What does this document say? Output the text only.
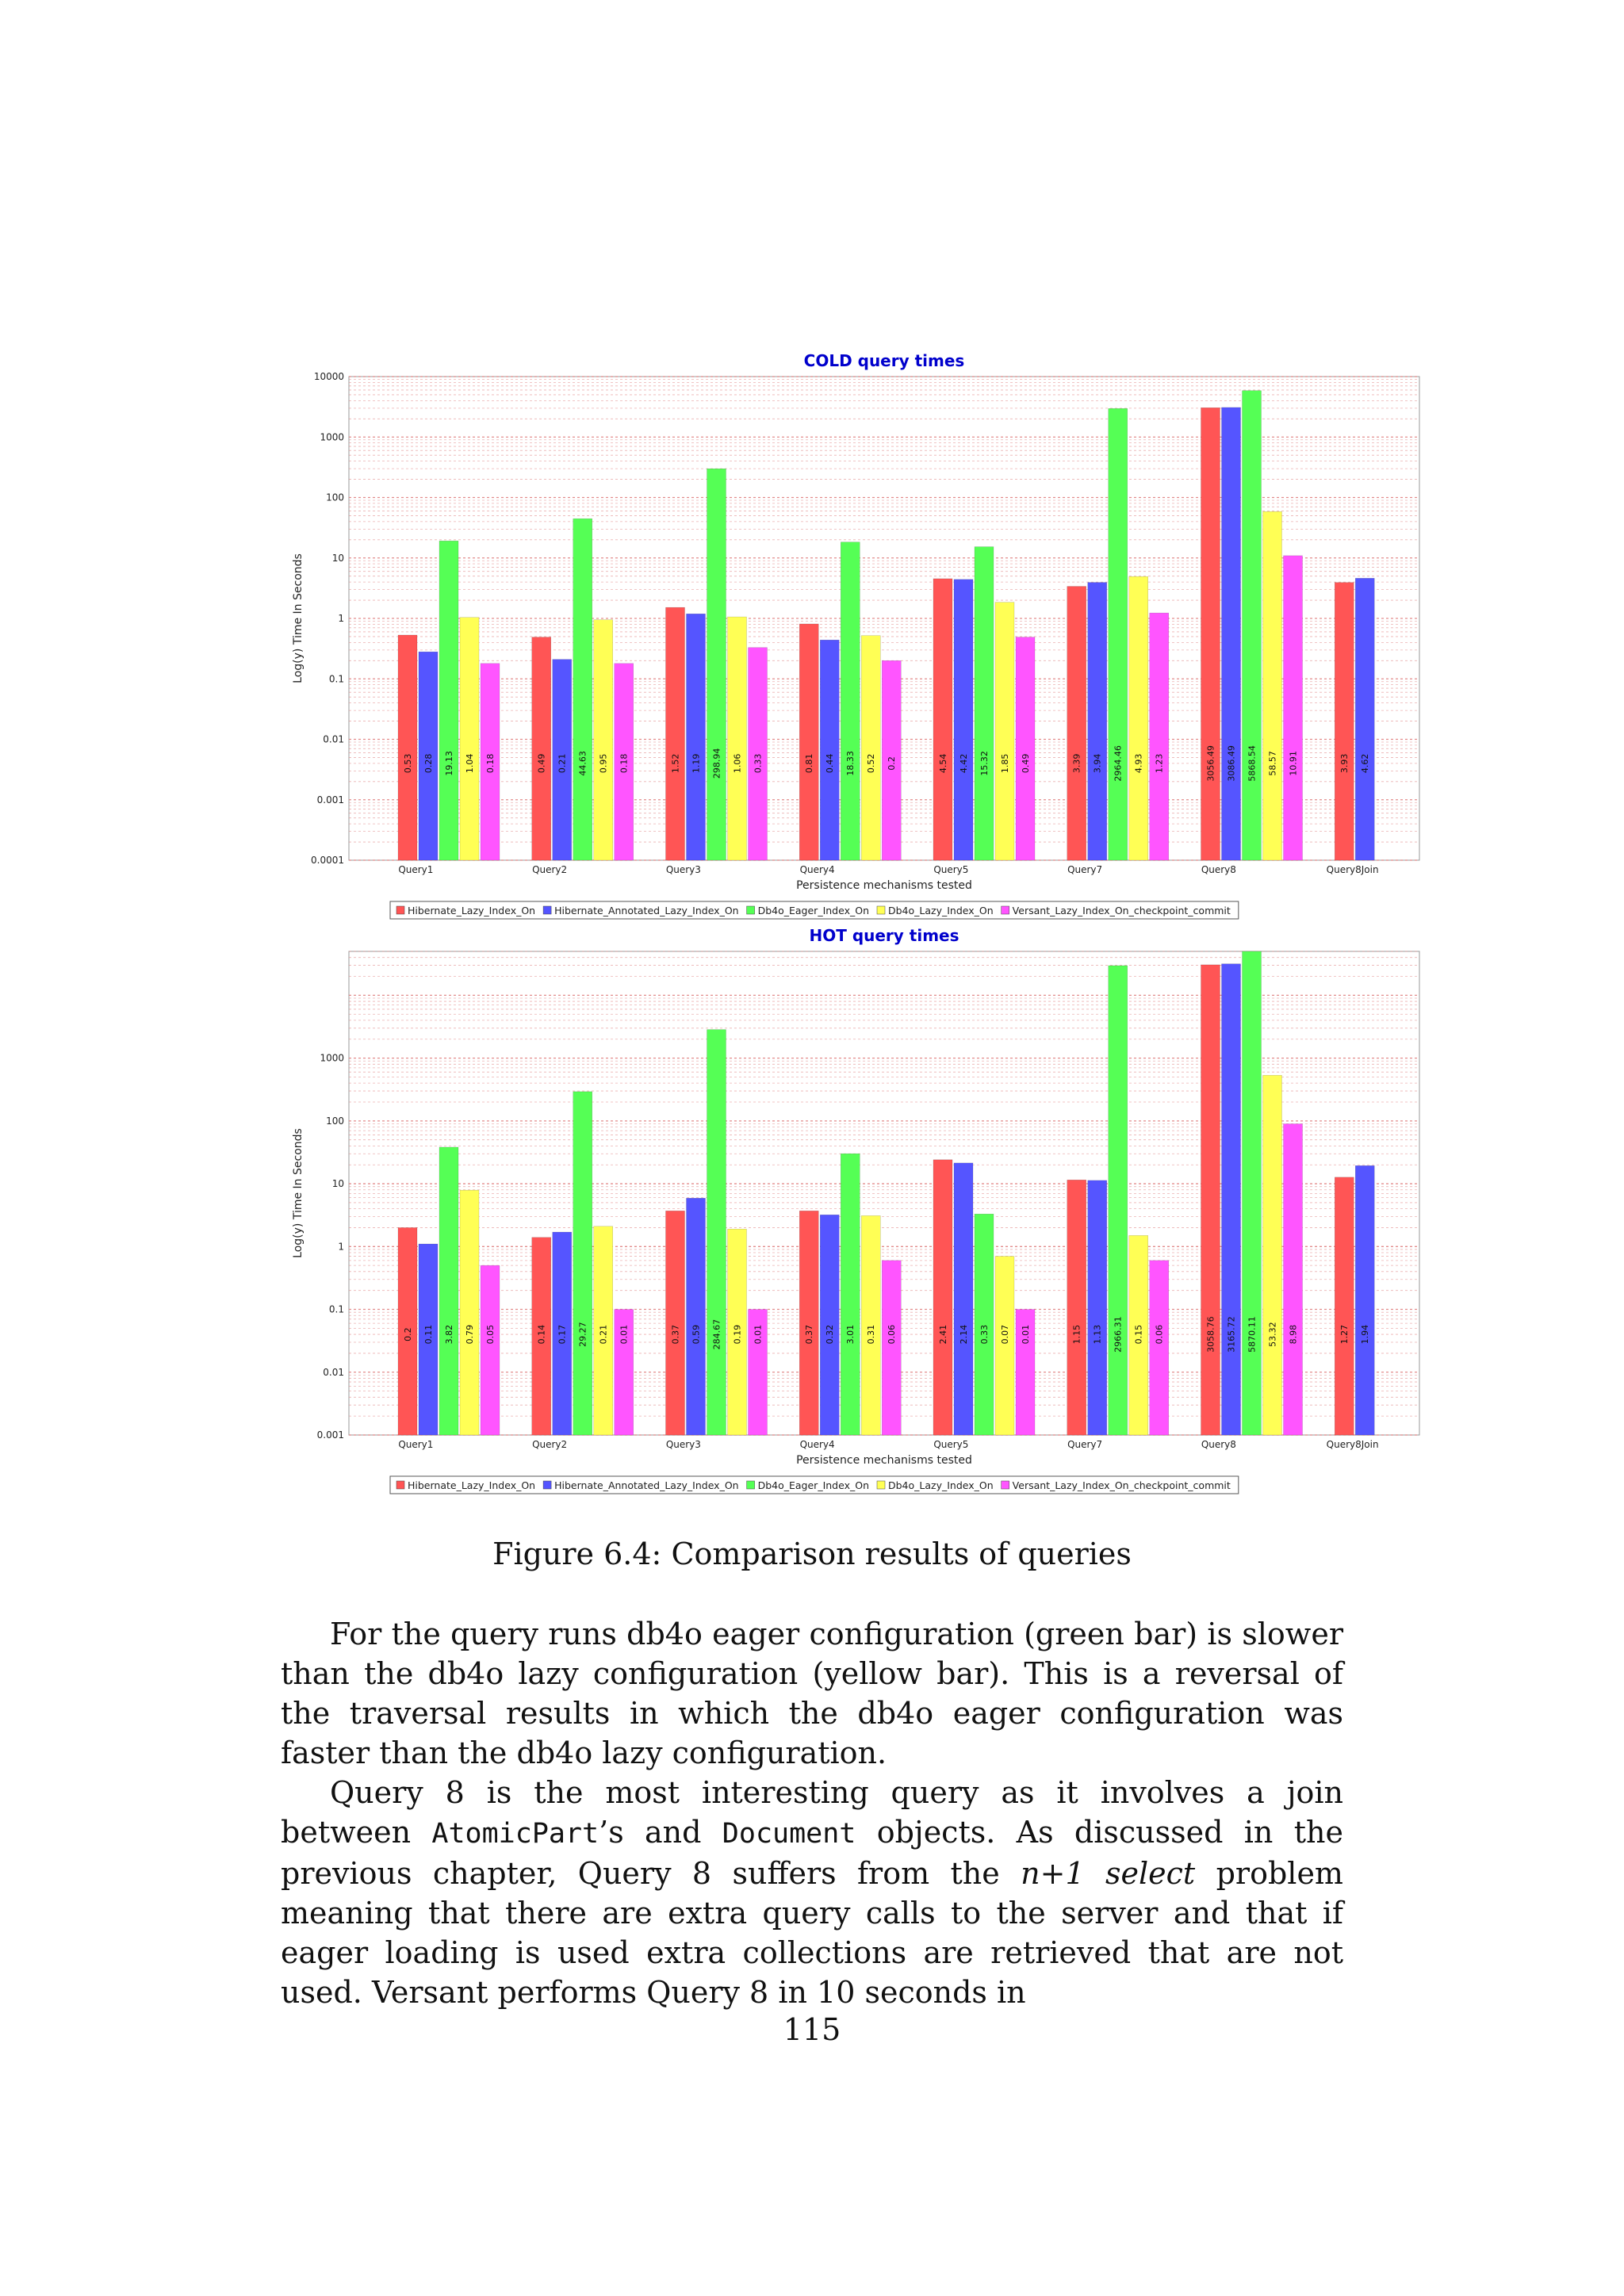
0.0001
0.001
0.01
0.1
1
10
100
1000
10000
COLD query times
Log(y) Time In Seconds
0.53 0.28 19.13 1.04 0.18
Query1
0.49 0.21 44.63 0.95 0.18
Query2
1.52 1.19 298.94 1.06 0.33
Query3
0.81 0.44 18.33 0.52 0.2
Query4
4.54 4.42 15.32 1.85 0.49
Query5
3.39 3.94 2964.46 4.93 1.23
Query7
3056.49 3086.49 5868.54 58.57 10.91
Query8
3.93 4.62
Query8Join
Persistence mechanisms tested
Hibernate_Lazy_Index_On Hibernate_Annotated_Lazy_Index_On Db4o_Eager_Index_On Db4o_Lazy_Index_On Versant_Lazy_Index_On_checkpoint_commit
0.001
0.01
0.1
1
10
100
1000
HOT query times
Log(y) Time In Seconds
0.2 0.11 3.82 0.79 0.05
Query1
0.14 0.17 29.27 0.21 0.01
Query2
0.37 0.59 284.67 0.19 0.01
Query3
0.37 0.32 3.01 0.31 0.06
Query4
2.41 2.14 0.33 0.07 0.01
Query5
1.15 1.13 2966.31 0.15 0.06
Query7
3058.76 3165.72 5870.11 53.32 8.98
Query8
1.27 1.94
Query8Join
Persistence mechanisms tested
Hibernate_Lazy_Index_On Hibernate_Annotated_Lazy_Index_On Db4o_Eager_Index_On Db4o_Lazy_Index_On Versant_Lazy_Index_On_checkpoint_commit
Figure 6.4: Comparison results of queries

For the query runs db4o eager configuration (green bar) is slower than the db4o lazy configuration (yellow bar). This is a reversal of the traversal results in which the db4o eager configuration was faster than the db4o lazy configuration.

Query 8 is the most interesting query as it involves a join between AtomicPart’s and Document objects. As discussed in the previous chapter, Query 8 suffers from the n+1 select problem meaning that there are extra query calls to the server and that if eager loading is used extra collections are retrieved that are not used. Versant performs Query 8 in 10 seconds in

115
